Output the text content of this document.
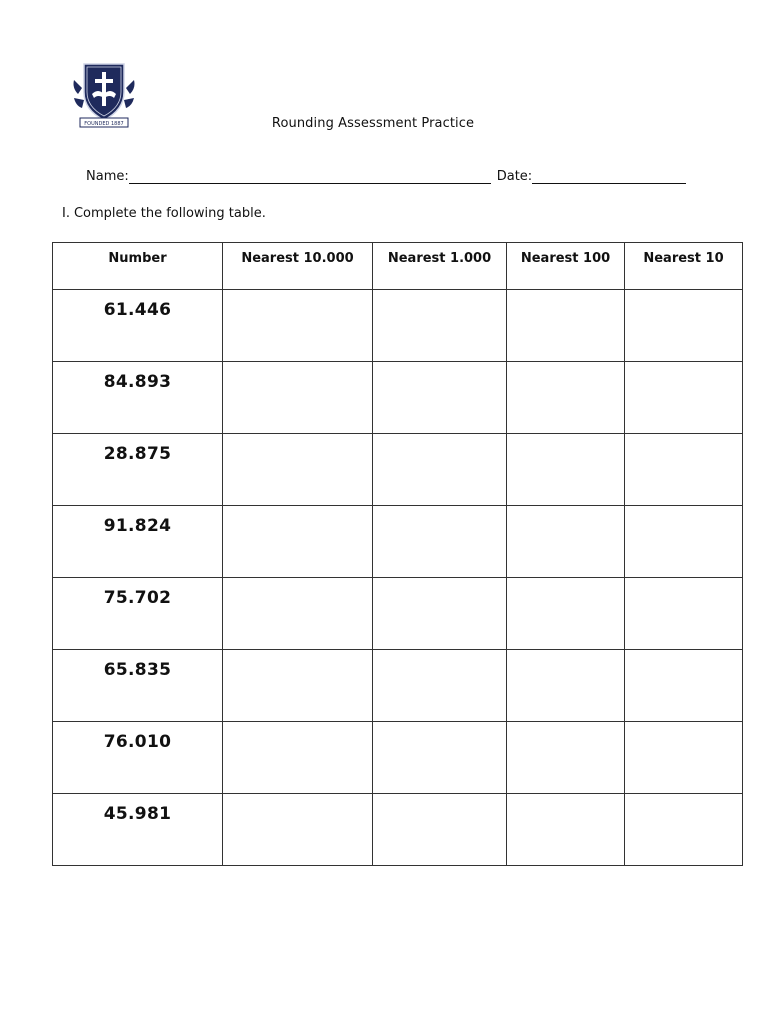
FOUNDED 1887	Rounding Assessment Practice
Name:	Date:
I. Complete the following table.
Number	Nearest 10.000	Nearest 1.000	Nearest 100	Nearest 10
61.446				
84.893				
28.875				
91.824				
75.702				
65.835				
76.010				
45.981				
